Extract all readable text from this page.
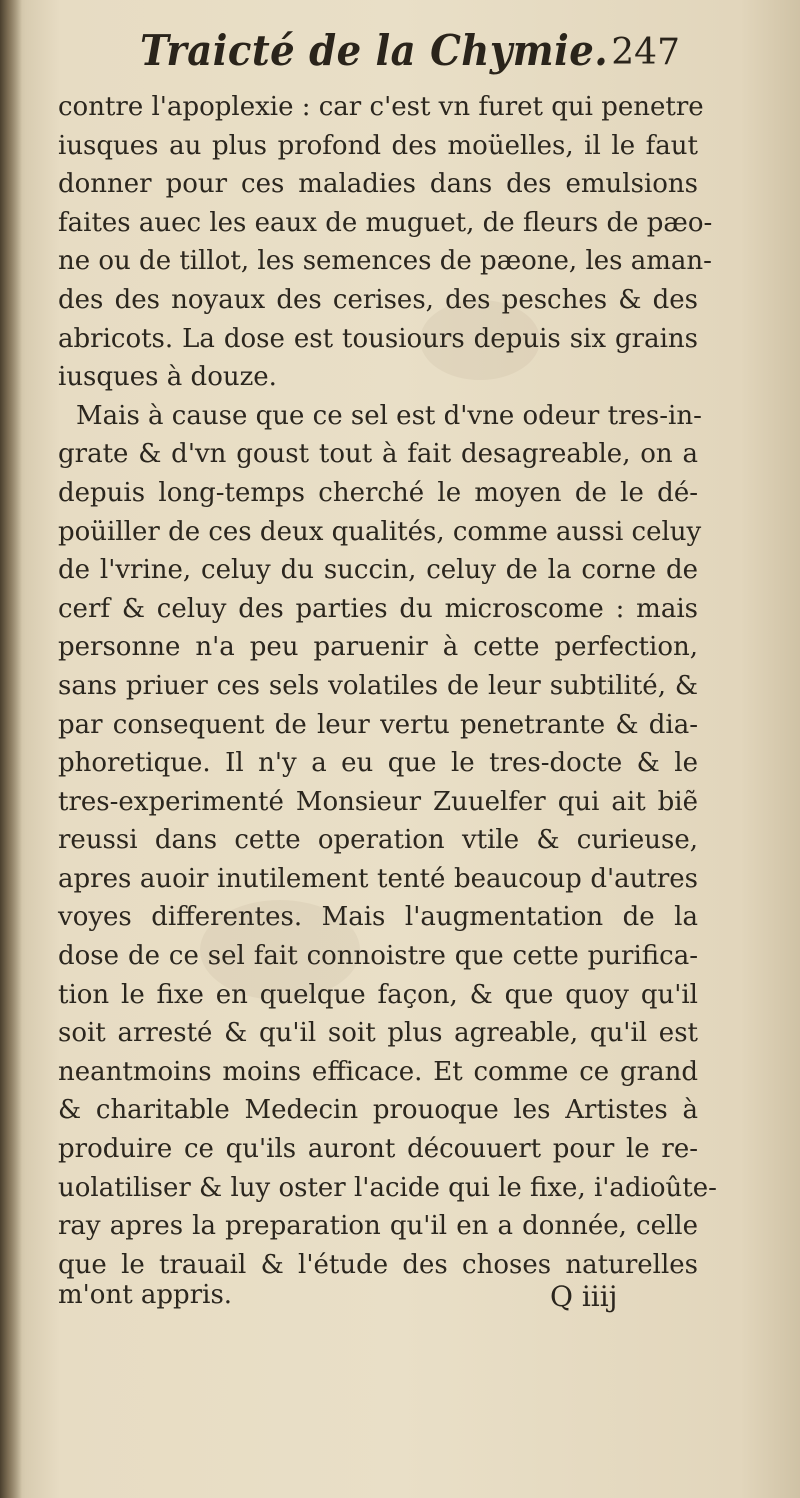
Traicté de la Chymie. 247
contre l'apoplexie : car c'est vn furet qui penetre
iusques au plus profond des moüelles, il le faut
donner pour ces maladies dans des emulsions
faites auec les eaux de muguet, de fleurs de pæo-
ne ou de tillot, les semences de pæone, les aman-
des des noyaux des cerises, des pesches & des
abricots. La dose est tousiours depuis six grains
iusques à douze.
Mais à cause que ce sel est d'vne odeur tres-in-
grate & d'vn goust tout à fait desagreable, on a
depuis long-temps cherché le moyen de le dé-
poüiller de ces deux qualités, comme aussi celuy
de l'vrine, celuy du succin, celuy de la corne de
cerf & celuy des parties du microscome : mais
personne n'a peu paruenir à cette perfection,
sans priuer ces sels volatiles de leur subtilité, &
par consequent de leur vertu penetrante & dia-
phoretique. Il n'y a eu que le tres-docte & le
tres-experimenté Monsieur Zuuelfer qui ait biẽ
reussi dans cette operation vtile & curieuse,
apres auoir inutilement tenté beaucoup d'autres
voyes differentes. Mais l'augmentation de la
dose de ce sel fait connoistre que cette purifica-
tion le fixe en quelque façon, & que quoy qu'il
soit arresté & qu'il soit plus agreable, qu'il est
neantmoins moins efficace. Et comme ce grand
& charitable Medecin prouoque les Artistes à
produire ce qu'ils auront découuert pour le re-
uolatiliser & luy oster l'acide qui le fixe, i'adioûte-
ray apres la preparation qu'il en a donnée, celle
que le trauail & l'étude des choses naturelles
m'ont appris.	Q iiij
